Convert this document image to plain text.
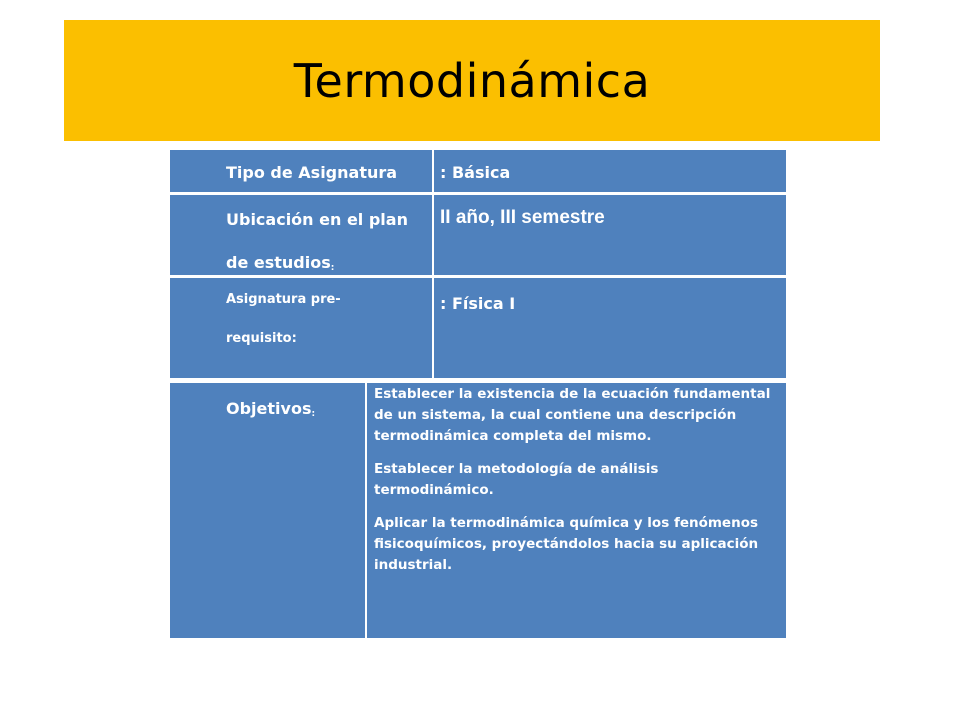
Termodinámica
Tipo de Asignatura	: Básica
Ubicación en el plan
de estudios$_:$
II año, III semestre
Asignatura pre-
requisito:
: Física I
Objetivos$_:$

Establecer la existencia de la ecuación fundamental de un sistema, la cual contiene una descripción termodinámica completa del mismo.

Establecer la metodología de análisis termodinámico.

Aplicar la termodinámica química y los fenómenos fisicoquímicos, proyectándolos hacia su aplicación industrial.
